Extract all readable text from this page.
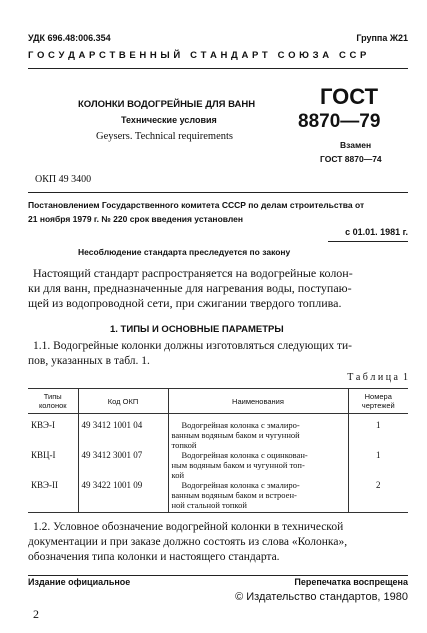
УДК 696.48:006.354	Группа Ж21
Г О С У Д А Р С Т В Е Н Н Ы Й   С Т А Н Д А Р Т   С О Ю З А   С С Р
КОЛОНКИ ВОДОГРЕЙНЫЕ ДЛЯ ВАНН
Технические условия
Geysers. Technical requirements
ГОСТ
8870—79
Взамен
ГОСТ 8870—74
ОКП 49 3400
Постановлением Государственного комитета СССР по делам строительства от
21 ноября 1979 г. № 220 срок введения установлен
с 01.01. 1981 г.
Несоблюдение стандарта преследуется по закону
Настоящий стандарт распространяется на водогрейные колон-
ки для ванн, предназначенные для нагревания воды, поступаю-
щей из водопроводной сети, при сжигании твердого топлива.
1. ТИПЫ И ОСНОВНЫЕ ПАРАМЕТРЫ
1.1. Водогрейные колонки должны изготовляться следующих ти-
пов, указанных в табл. 1.
Т а б л и ц а  1
Типы колонок	Код ОКП	Наименования	Номера чертежей
КВЭ-I	49 3412 1001 04	Водогрейная колонка с эмалиро-
ванным водяным баком и чугунной
топкой	1
КВЦ-I	49 3412 3001 07	Водогрейная колонка с оцинкован-
ным водяным баком и чугунной топ-
кой	1
КВЭ-II	49 3422 1001 09	Водогрейная колонка с эмалиро-
ванным водяным баком и встроен-
ной стальной топкой	2
1.2. Условное обозначение водогрейной колонки в технической
документации и при заказе должно состоять из слова «Колонка»,
обозначения типа колонки и настоящего стандарта.
Издание официальное	Перепечатка воспрещена
© Издательство стандартов, 1980
2
